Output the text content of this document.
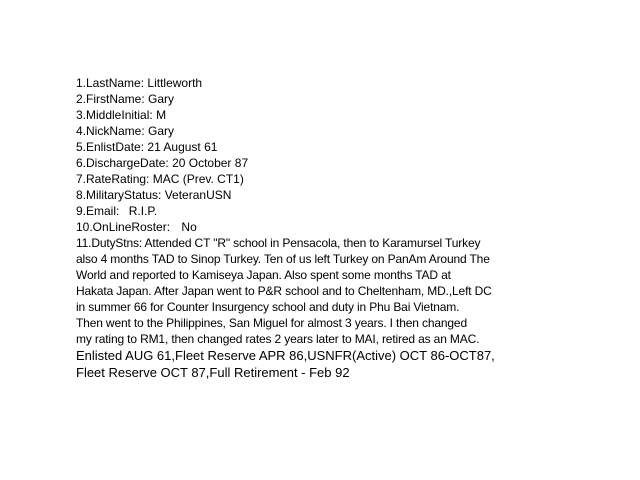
1.LastName: Littleworth
2.FirstName: Gary
3.MiddleInitial: M
4.NickName: Gary
5.EnlistDate: 21 August 61
6.DischargeDate: 20 October 87
7.RateRating: MAC (Prev. CT1)
8.MilitaryStatus: VeteranUSN
9.Email: R.I.P.
10.OnLineRoster: No
11.DutyStns: Attended CT "R" school in Pensacola, then to Karamursel Turkey
also 4 months TAD to Sinop Turkey. Ten of us left Turkey on PanAm Around The
World and reported to Kamiseya Japan. Also spent some months TAD at
Hakata Japan. After Japan went to P&R school and to Cheltenham, MD.,Left DC
in summer 66 for Counter Insurgency school and duty in Phu Bai Vietnam.
Then went to the Philippines, San Miguel for almost 3 years. I then changed
my rating to RM1, then changed rates 2 years later to MAI, retired as an MAC.
Enlisted AUG 61,Fleet Reserve APR 86,USNFR(Active) OCT 86-OCT87,
Fleet Reserve OCT 87,Full Retirement - Feb 92
